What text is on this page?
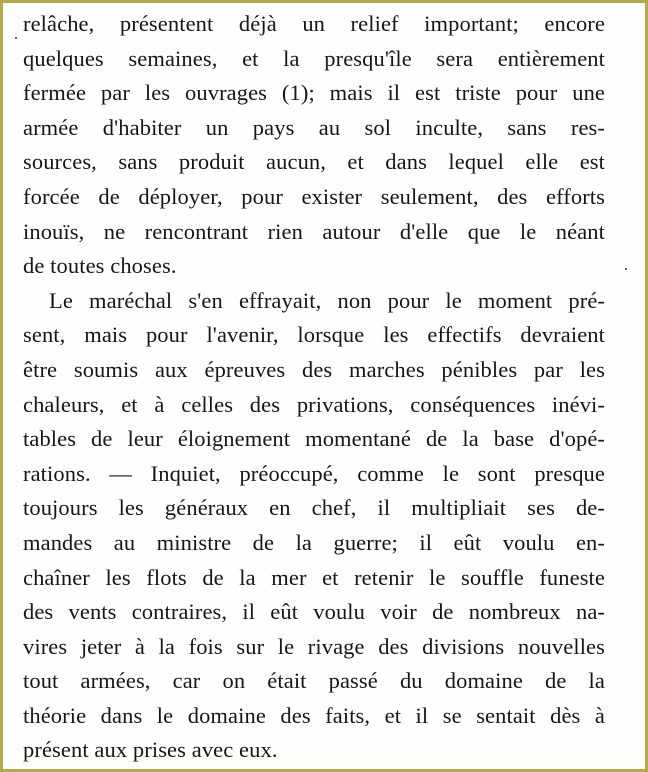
relâche, présentent déjà un relief important; encore
quelques semaines, et la presqu'île sera entièrement
fermée par les ouvrages (1); mais il est triste pour une
armée d'habiter un pays au sol inculte, sans res-
sources, sans produit aucun, et dans lequel elle est
forcée de déployer, pour exister seulement, des efforts
inouïs, ne rencontrant rien autour d'elle que le néant
de toutes choses.
Le maréchal s'en effrayait, non pour le moment pré-
sent, mais pour l'avenir, lorsque les effectifs devraient
être soumis aux épreuves des marches pénibles par les
chaleurs, et à celles des privations, conséquences inévi-
tables de leur éloignement momentané de la base d'opé-
rations. — Inquiet, préoccupé, comme le sont presque
toujours les généraux en chef, il multipliait ses de-
mandes au ministre de la guerre; il eût voulu en-
chaîner les flots de la mer et retenir le souffle funeste
des vents contraires, il eût voulu voir de nombreux na-
vires jeter à la fois sur le rivage des divisions nouvelles
tout armées, car on était passé du domaine de la
théorie dans le domaine des faits, et il se sentait dès à
présent aux prises avec eux.
